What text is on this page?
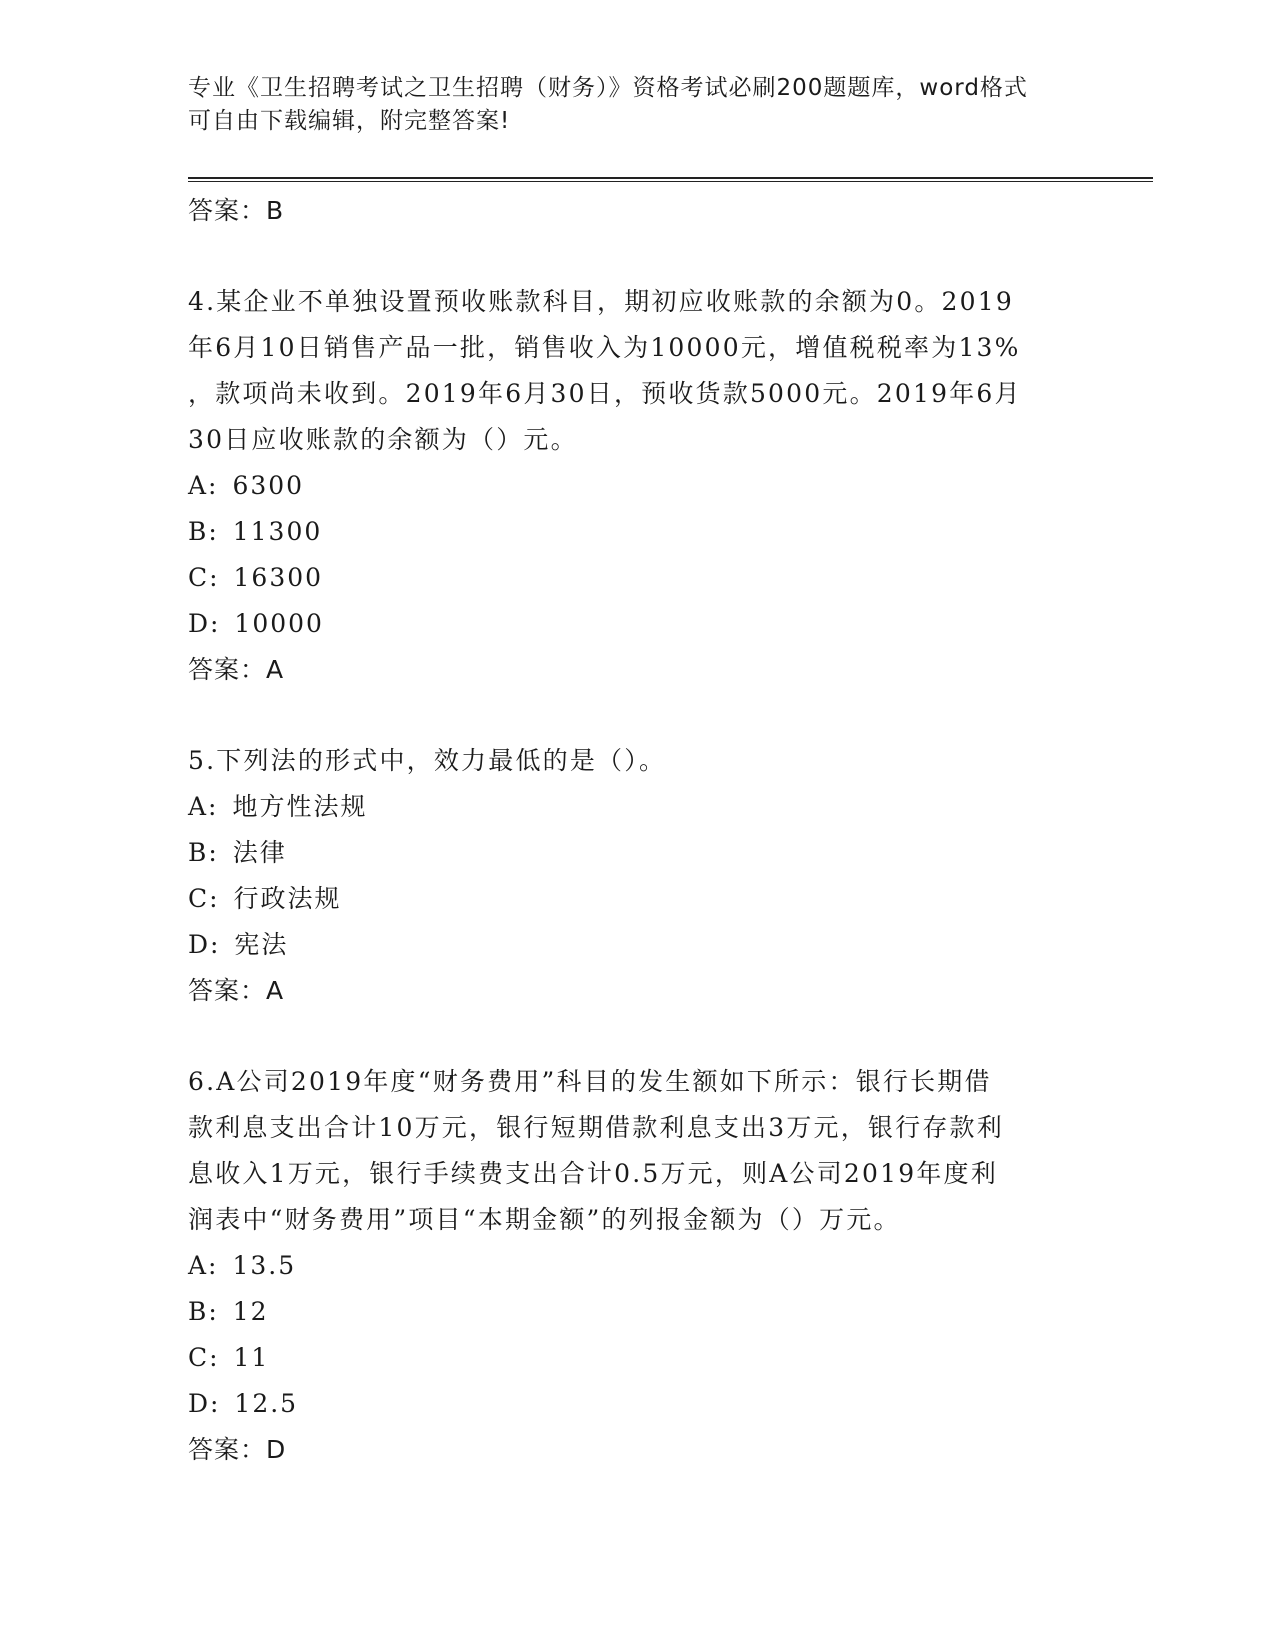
专业《卫生招聘考试之卫生招聘（财务）》资格考试必刷200题题库，word格式
可自由下载编辑，附完整答案!
答案：B
4.某企业不单独设置预收账款科目，期初应收账款的余额为0。2019
年6月10日销售产品一批，销售收入为10000元，增值税税率为13%
，款项尚未收到。2019年6月30日，预收货款5000元。2019年6月
30日应收账款的余额为（）元。
A: 6300
B: 11300
C: 16300
D: 10000
答案：A
5.下列法的形式中，效力最低的是（）。
A: 地方性法规
B: 法律
C: 行政法规
D: 宪法
答案：A
6.A公司2019年度“财务费用”科目的发生额如下所示：银行长期借
款利息支出合计10万元，银行短期借款利息支出3万元，银行存款利
息收入1万元，银行手续费支出合计0.5万元，则A公司2019年度利
润表中“财务费用”项目“本期金额”的列报金额为（）万元。
A: 13.5
B: 12
C: 11
D: 12.5
答案：D
